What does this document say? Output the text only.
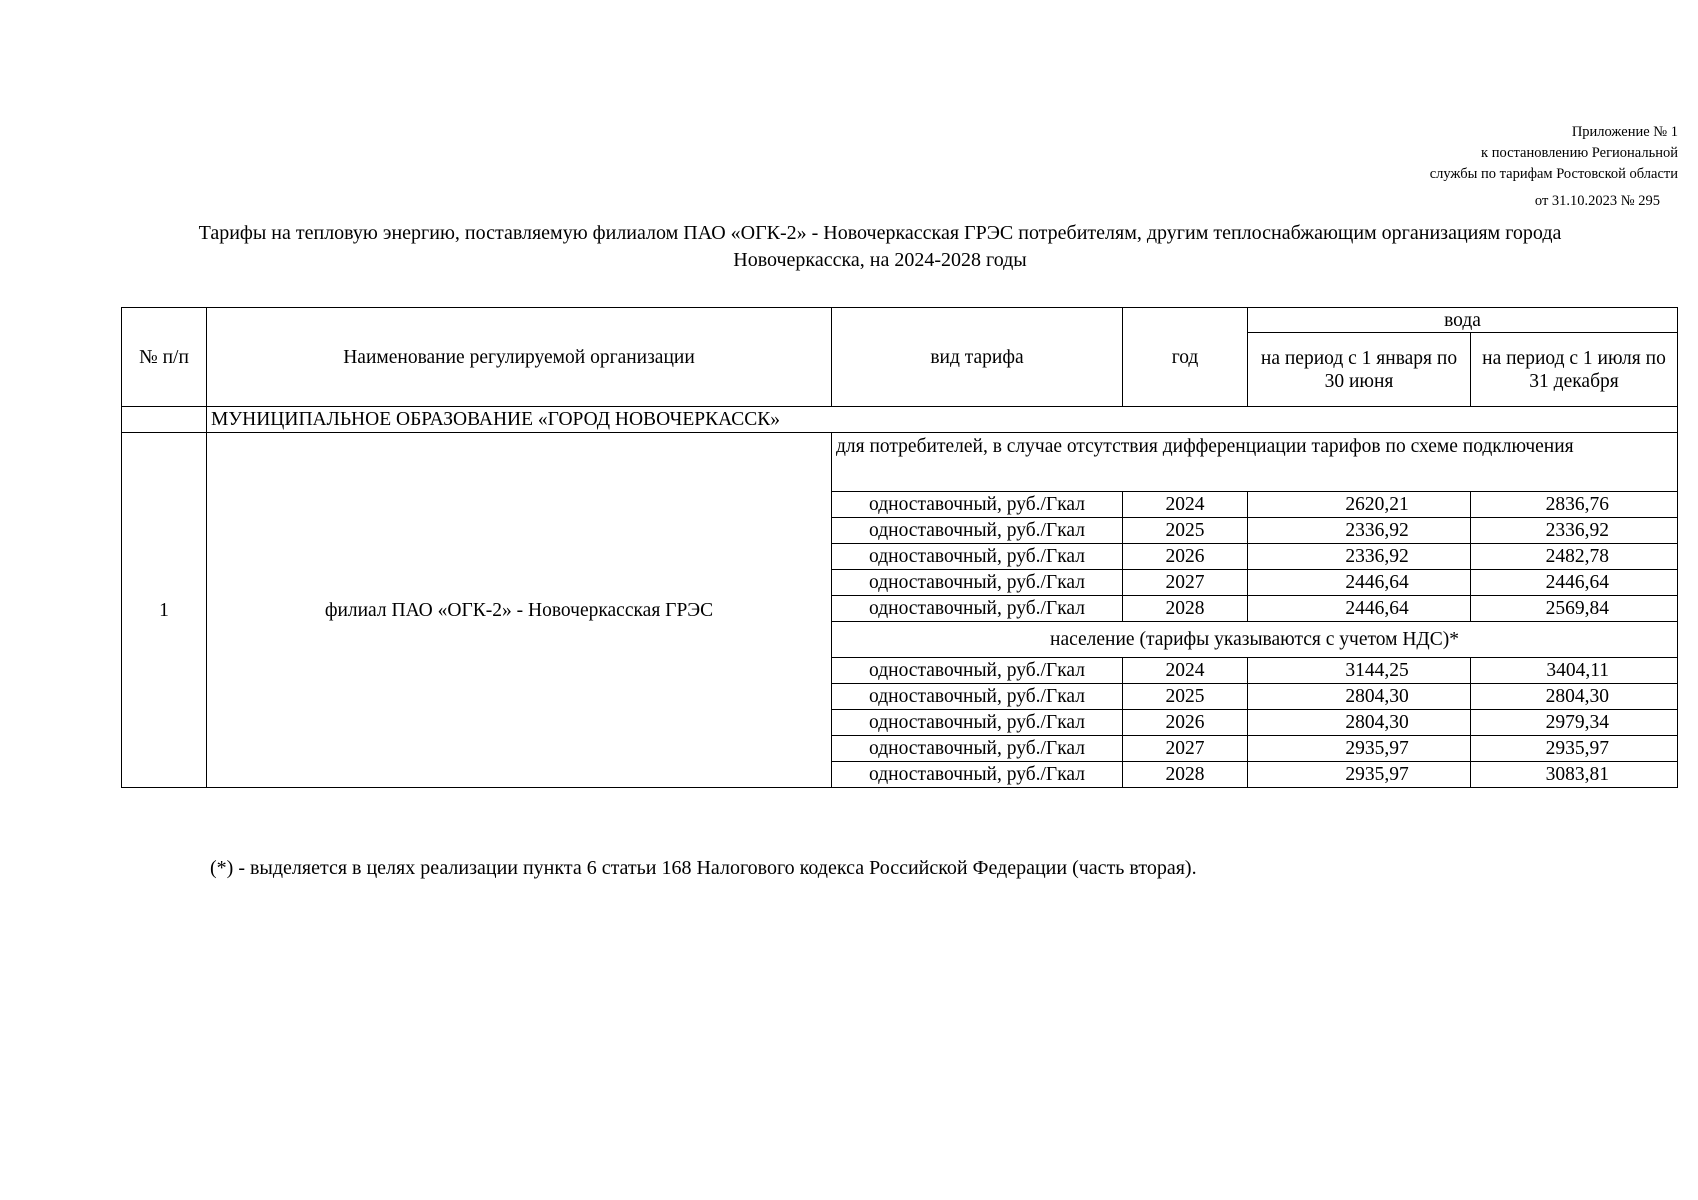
Приложение № 1
к постановлению Региональной
службы по тарифам Ростовской области
от 31.10.2023 № 295
Тарифы на тепловую энергию, поставляемую филиалом ПАО «ОГК-2» - Новочеркасская ГРЭС потребителям, другим теплоснабжающим организациям города
Новочеркасска, на 2024-2028 годы
№ п/п	Наименование регулируемой организации	вид тарифа	год	вода	
				на период с 1 января по 30 июня	на период с 1 июля по 31 декабря
	МУНИЦИПАЛЬНОЕ ОБРАЗОВАНИЕ «ГОРОД НОВОЧЕРКАССК»				
1	филиал ПАО «ОГК-2» - Новочеркасская ГРЭС	для потребителей, в случае отсутствия дифференциации тарифов по схеме подключения			
		одноставочный, руб./Гкал	2024	2620,21	2836,76
		одноставочный, руб./Гкал	2025	2336,92	2336,92
		одноставочный, руб./Гкал	2026	2336,92	2482,78
		одноставочный, руб./Гкал	2027	2446,64	2446,64
		одноставочный, руб./Гкал	2028	2446,64	2569,84
		население (тарифы указываются с учетом НДС)*			
		одноставочный, руб./Гкал	2024	3144,25	3404,11
		одноставочный, руб./Гкал	2025	2804,30	2804,30
		одноставочный, руб./Гкал	2026	2804,30	2979,34
		одноставочный, руб./Гкал	2027	2935,97	2935,97
		одноставочный, руб./Гкал	2028	2935,97	3083,81
(*) - выделяется в целях реализации пункта 6 статьи 168 Налогового кодекса Российской Федерации (часть вторая).
